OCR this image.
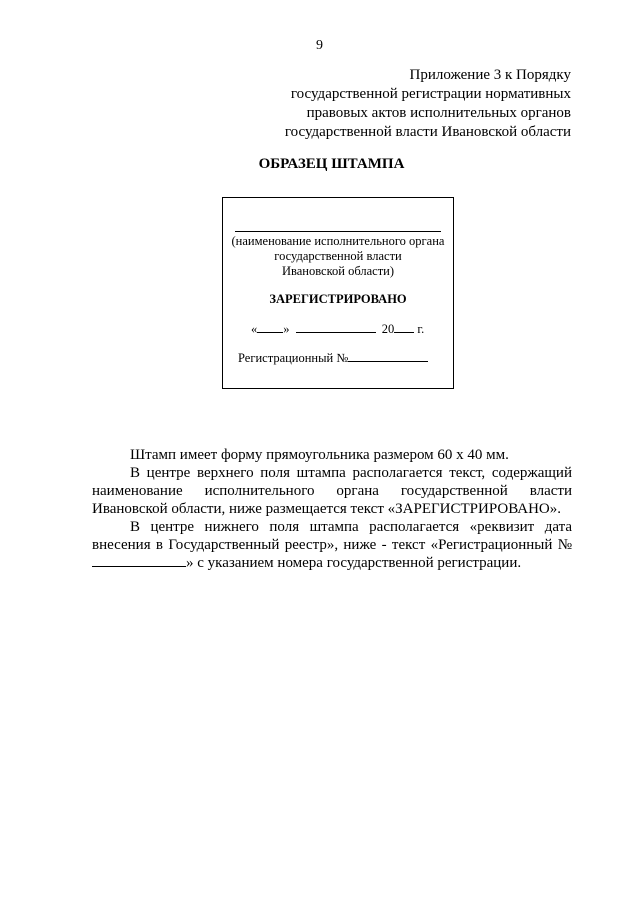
9
Приложение 3 к Порядку
государственной регистрации нормативных
правовых актов исполнительных органов
государственной власти Ивановской области
ОБРАЗЕЦ ШТАМПА
(наименование исполнительного органа
государственной власти
Ивановской области)
ЗАРЕГИСТРИРОВАНО
« »	20 г.
Регистрационный №

Штамп имеет форму прямоугольника размером 60 х 40 мм.

В центре верхнего поля штампа располагается текст, содержащий наименование исполнительного органа государственной власти Ивановской области, ниже размещается текст «ЗАРЕГИСТРИРОВАНО».

В центре нижнего поля штампа располагается «реквизит дата внесения в Государственный реестр», ниже - текст «Регистрационный №» с указанием номера государственной регистрации.
